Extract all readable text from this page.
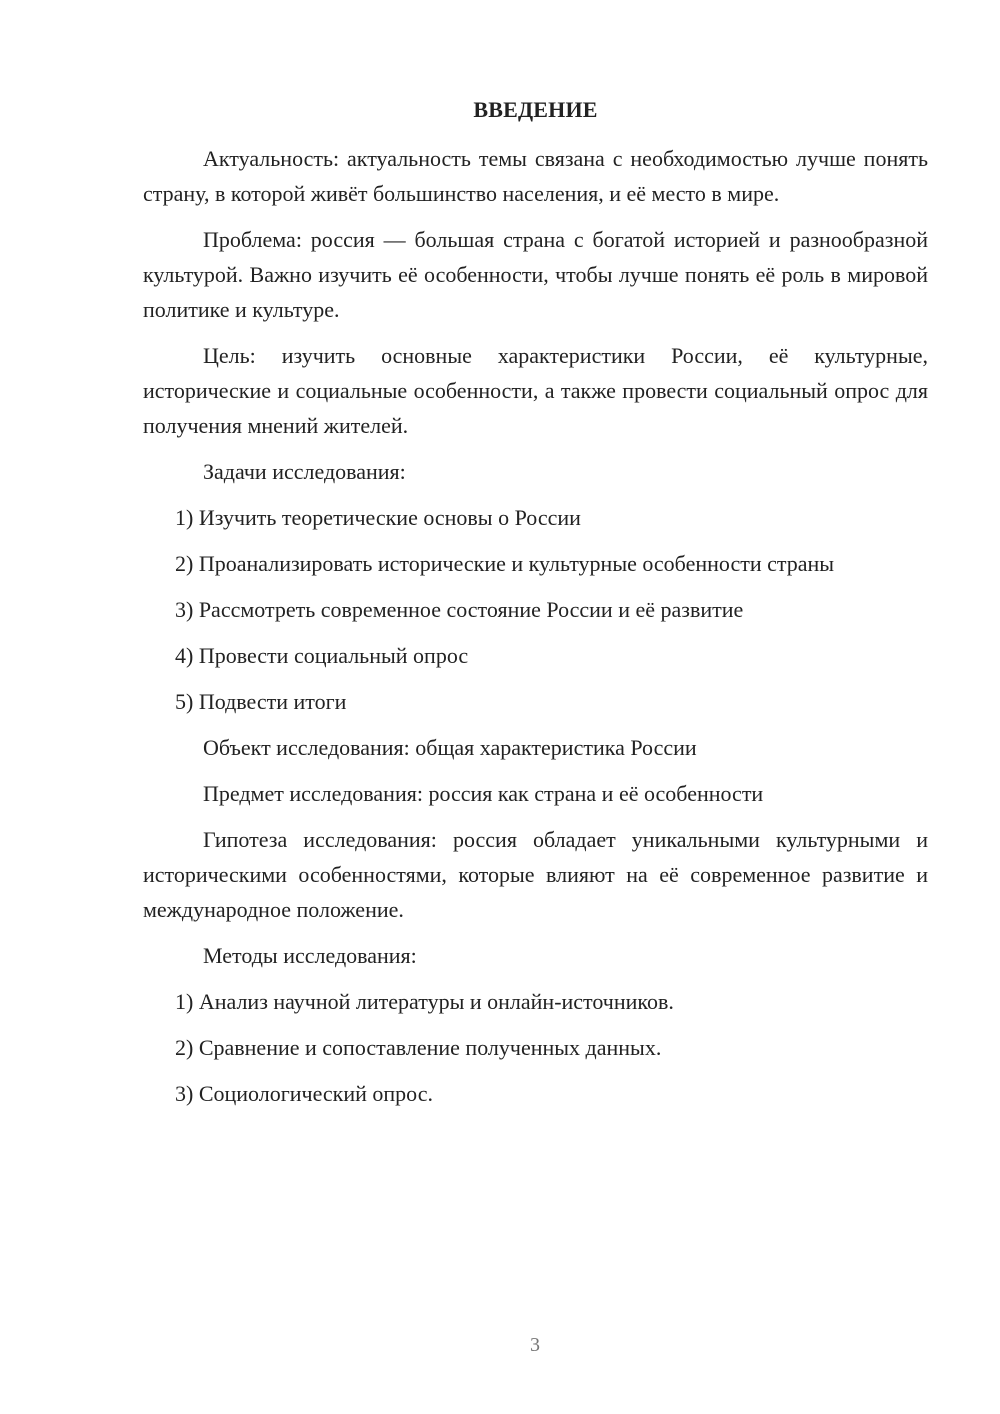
ВВЕДЕНИЕ

Актуальность: актуальность темы связана с необходимостью лучше понять страну, в которой живёт большинство населения, и её место в мире.

Проблема: россия — большая страна с богатой историей и разнообразной культурой. Важно изучить её особенности, чтобы лучше понять её роль в мировой политике и культуре.

Цель: изучить основные характеристики России, её культурные, исторические и социальные особенности, а также провести социальный опрос для получения мнений жителей.

Задачи исследования:

1) Изучить теоретические основы о России

2) Проанализировать исторические и культурные особенности страны

3) Рассмотреть современное состояние России и её развитие

4) Провести социальный опрос

5) Подвести итоги

Объект исследования: общая характеристика России

Предмет исследования: россия как страна и её особенности

Гипотеза исследования: россия обладает уникальными культурными и историческими особенностями, которые влияют на её современное развитие и международное положение.

Методы исследования:

1) Анализ научной литературы и онлайн-источников.

2) Сравнение и сопоставление полученных данных.

3) Социологический опрос.

3
